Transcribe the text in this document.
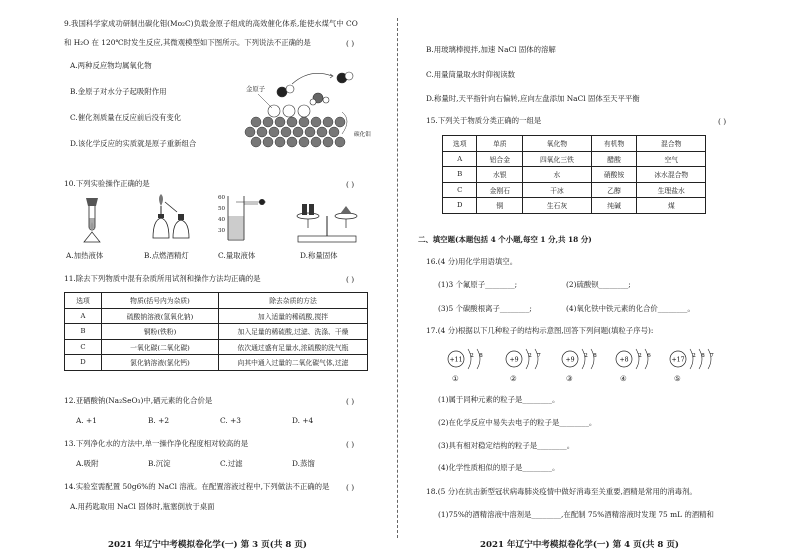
9.我国科学家成功研制出碳化钼(Mo₂C)负载金原子组成的高效催化体系,能使水煤气中 CO
和 H₂O 在 120℃时发生反应,其微观模型如下图所示。下列说法不正确的是	( )
A.两种反应物均属氧化物
B.金原子对水分子起吸附作用
C.催化剂质量在反应前后没有变化
D.该化学反应的实质就是原子重新组合
金原子
碳化钼
10.下列实验操作正确的是	( )
A.加热液体	B.点燃酒精灯
60
50
40
30
C.量取液体	D.称量固体
11.除去下列物质中混有杂质所用试剂和操作方法均正确的是	( )
选项	物质(括号内为杂质)	除去杂质的方法
A	硫酸钠溶液(氢氧化钠)	加入适量的稀硫酸,搅拌
B	铜粉(铁粉)	加入足量的稀硫酸,过滤、洗涤、干燥
C	一氧化碳(二氧化碳)	依次通过盛有足量水,浓硫酸的洗气瓶
D	氯化钠溶液(氯化钙)	向其中通入过量的二氧化碳气体,过滤
12.亚硒酸钠(Na₂SeO₃)中,硒元素的化合价是	( )
A. +1	B. +2	C. +3	D. +4
13.下列净化水的方法中,单一操作净化程度相对较高的是	( )
A.吸附	B.沉淀	C.过滤	D.蒸馏
14.实验室需配置 50g6%的 NaCl 溶液。在配置溶液过程中,下列做法不正确的是 ( )
A.用药匙取用 NaCl 固体时,瓶塞倒放于桌面
2021 年辽宁中考模拟卷化学(一) 第 3 页(共 8 页)
B.用玻璃棒搅拌,加速 NaCl 固体的溶解
C.用量筒量取水时仰视读数
D.称量时,天平指针向右偏转,应向左盘添加 NaCl 固体至天平平衡
15.下列关于物质分类正确的一组是	( )
选项	单质	氧化物	有机物	混合物
A	铝合金	四氧化三铁	醋酸	空气
B	水银	水	硝酸铵	冰水混合物
C	金刚石	干冰	乙醇	生理盐水
D	铜	生石灰	纯碱	煤
二、填空题(本题包括 4 个小题,每空 1 分,共 18 分)
16.(4 分)用化学用语填空。
(1)3 个氟原子________;	(2)硫酸钡________;
(3)5 个碳酸根离子________;	(4)氧化铁中铁元素的化合价________。
17.(4 分)根据以下几种粒子的结构示意图,回答下列问题(填粒子序号):
+11
2 8
①
+9
2 7
②
+9
2 8
③
+8
2 6
④
+17
2 8 7
⑤
(1)属于同种元素的粒子是________。
(2)在化学反应中易失去电子的粒子是________。
(3)具有相对稳定结构的粒子是________。
(4)化学性质相似的原子是________。
18.(5 分)在抗击新型冠状病毒肺炎疫情中做好消毒至关重要,酒精是常用的消毒剂。
(1)75%的酒精溶液中溶剂是________,在配制 75%酒精溶液时发现 75 mL 的酒精和
2021 年辽宁中考模拟卷化学(一) 第 4 页(共 8 页)
